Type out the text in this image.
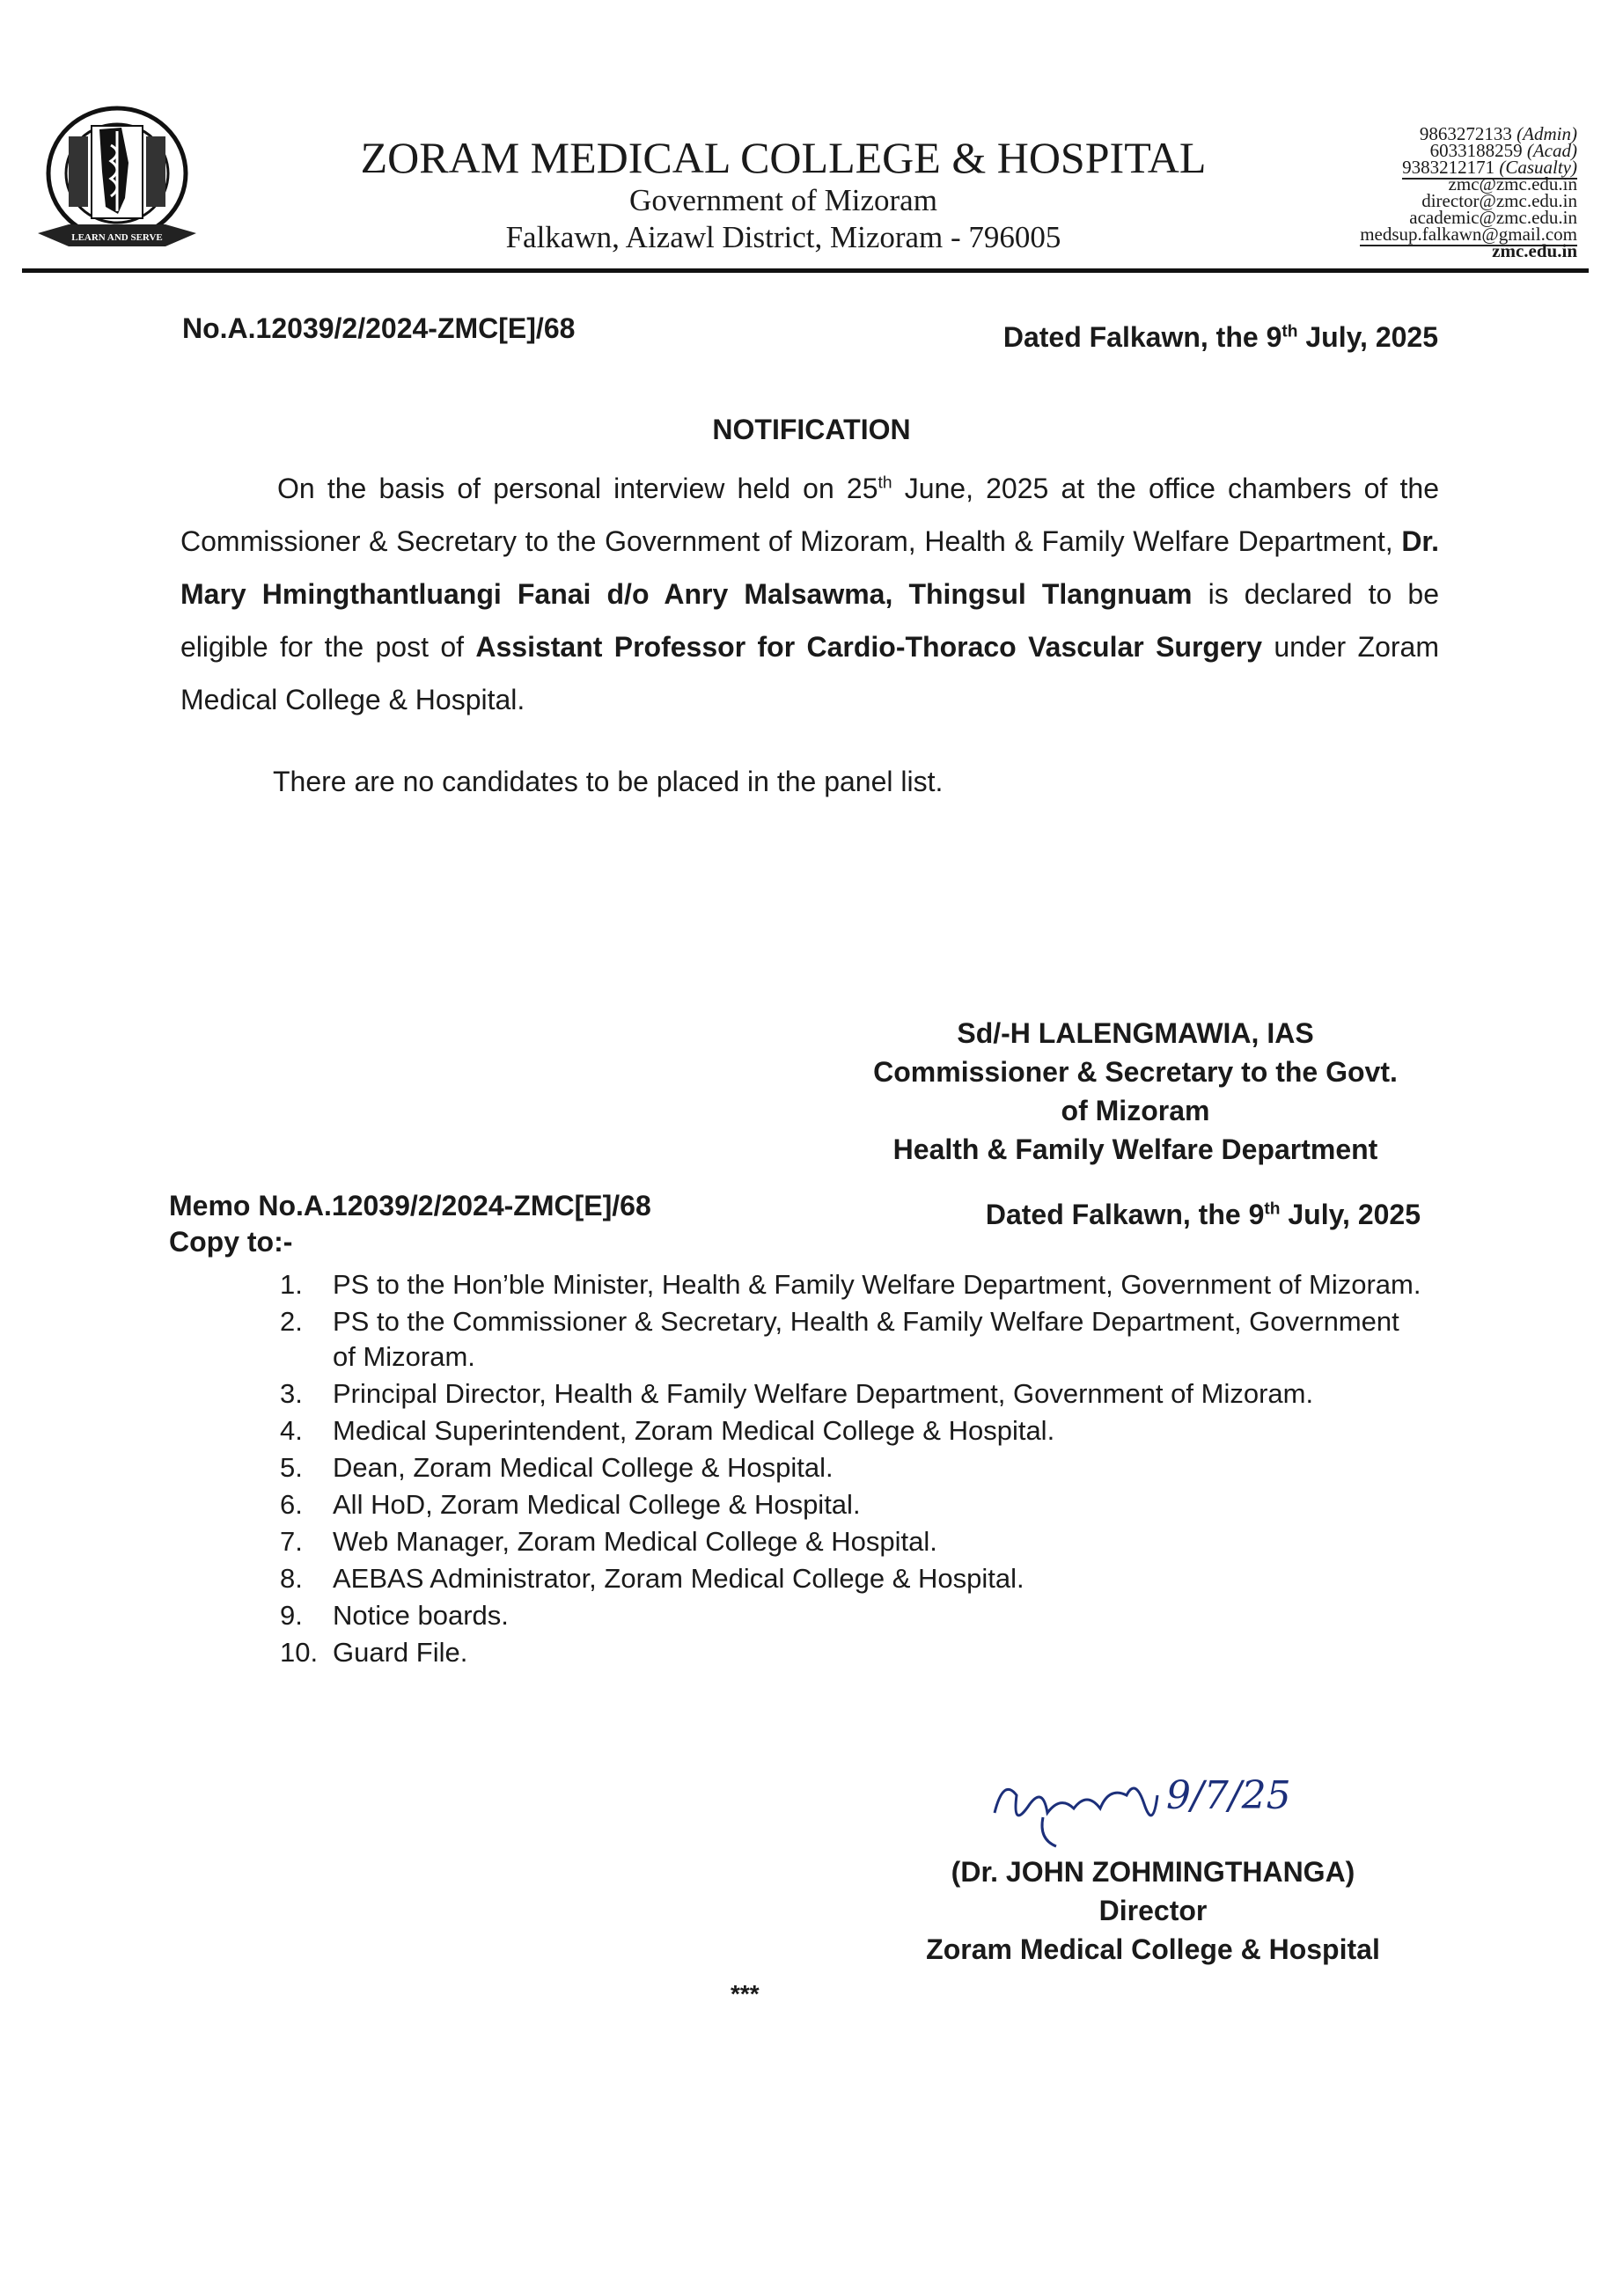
LEARN AND SERVE
ZORAM MEDICAL COLLEGE & HOSPITAL
Government of Mizoram
Falkawn, Aizawl District, Mizoram - 796005
9863272133 (Admin)
6033188259 (Acad)
9383212171 (Casualty)
zmc@zmc.edu.in
director@zmc.edu.in
academic@zmc.edu.in
medsup.falkawn@gmail.com
zmc.edu.in
No.A.12039/2/2024-ZMC[E]/68	Dated Falkawn, the 9th July, 2025
NOTIFICATION
On the basis of personal interview held on 25th June, 2025 at the office chambers of the Commissioner & Secretary to the Government of Mizoram, Health & Family Welfare Department, Dr. Mary Hmingthantluangi Fanai d/o Anry Malsawma, Thingsul Tlangnuam is declared to be eligible for the post of Assistant Professor for Cardio-Thoraco Vascular Surgery under Zoram Medical College & Hospital.
There are no candidates to be placed in the panel list.
Sd/-H LALENGMAWIA, IAS
Commissioner & Secretary to the Govt.
of Mizoram
Health & Family Welfare Department
Memo No.A.12039/2/2024-ZMC[E]/68
Copy to:-
Dated Falkawn, the 9th July, 2025
1. PS to the Hon’ble Minister, Health & Family Welfare Department, Government of Mizoram.
2. PS to the Commissioner & Secretary, Health & Family Welfare Department, Government of Mizoram.
3. Principal Director, Health & Family Welfare Department, Government of Mizoram.
4. Medical Superintendent, Zoram Medical College & Hospital.
5. Dean, Zoram Medical College & Hospital.
6. All HoD, Zoram Medical College & Hospital.
7. Web Manager, Zoram Medical College & Hospital.
8. AEBAS Administrator, Zoram Medical College & Hospital.
9. Notice boards.
10. Guard File.
9/7/25
(Dr. JOHN ZOHMINGTHANGA)
Director
Zoram Medical College & Hospital
***
